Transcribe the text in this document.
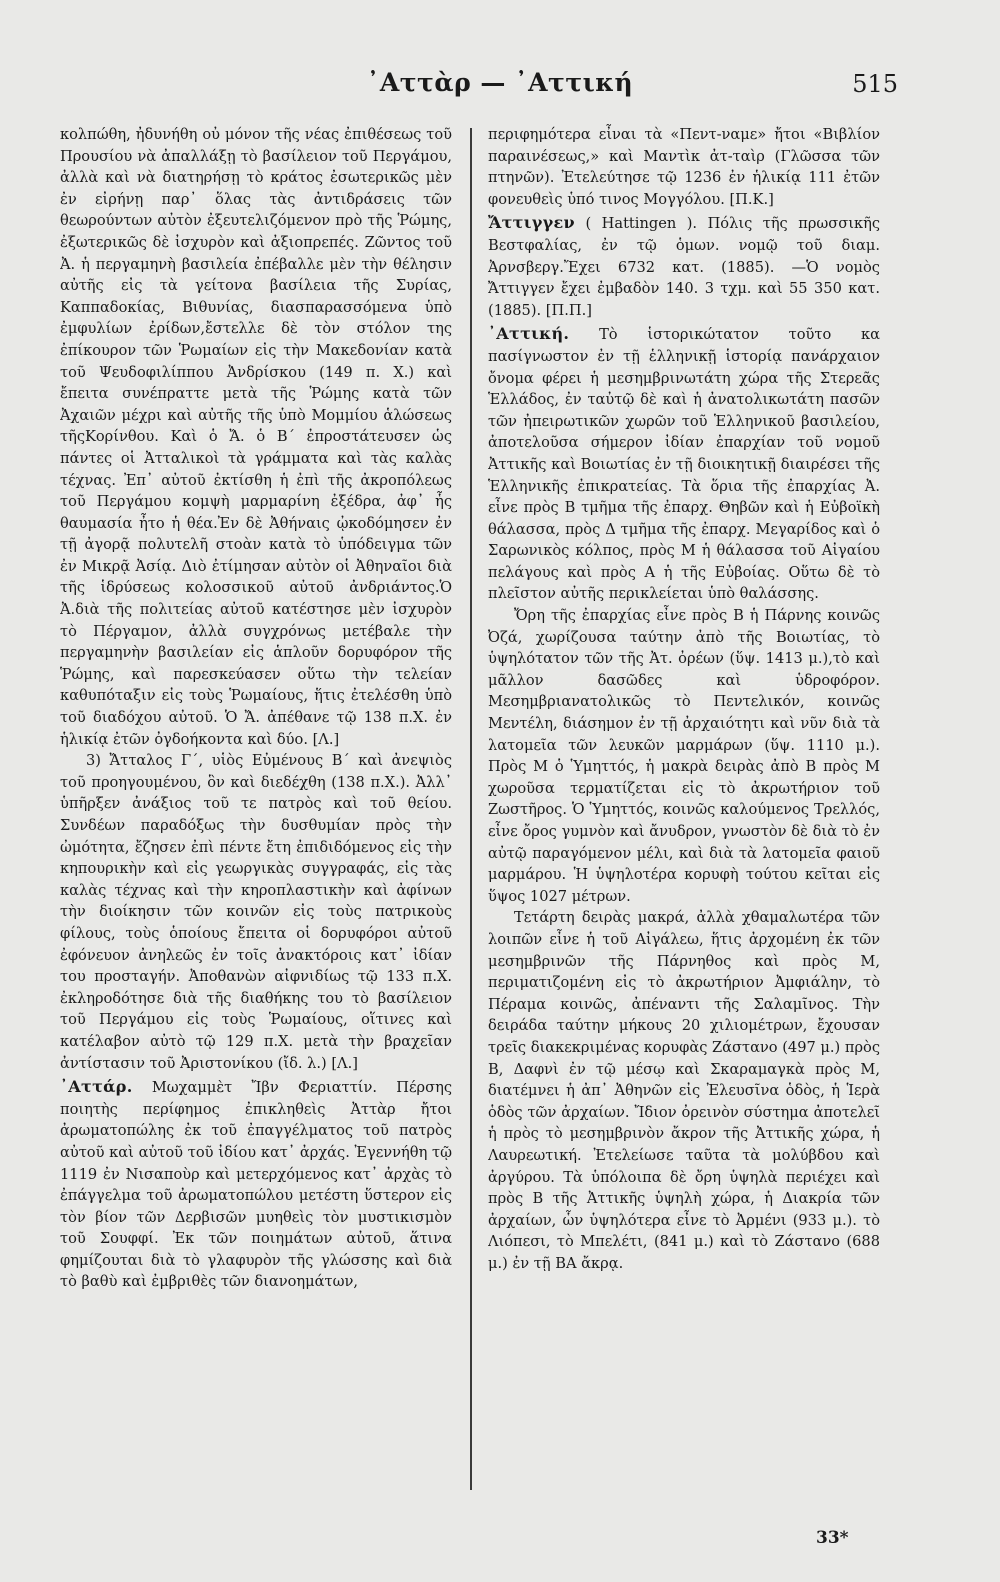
᾿Αττὰρ — ᾿Αττική	515

κολπώθη, ἠδυνήθη οὐ μόνον τῆς νέας ἐπιθέσεως τοῦ Προυσίου νὰ ἀπαλλάξῃ τὸ βασίλειον τοῦ Περγάμου, ἀλλὰ καὶ νὰ διατηρήσῃ τὸ κράτος ἐσωτερικῶς μὲν ἐν εἰρήνῃ παρ᾿ ὅλας τὰς ἀντιδράσεις τῶν θεωρούντων αὐτὸν ἐξευτελιζόμενον πρὸ τῆς Ῥώμης, ἐξωτερικῶς δὲ ἰσχυρὸν καὶ ἀξιοπρεπές. Ζῶντος τοῦ Ἀ. ἡ περγαμηνὴ βασιλεία ἐπέβαλλε μὲν τὴν θέλησιν αὐτῆς εἰς τὰ γείτονα βασίλεια τῆς Συρίας, Καππαδοκίας, Βιθυνίας, διασπαρασσόμενα ὑπὸ ἐμφυλίων ἐρίδων,ἔστελλε δὲ τὸν στόλον της ἐπίκουρον τῶν Ῥωμαίων εἰς τὴν Μακεδονίαν κατὰ τοῦ Ψευδοφιλίππου Ἀνδρίσκου (149 π. Χ.) καὶ ἔπειτα συνέπραττε μετὰ τῆς Ῥώμης κατὰ τῶν Ἀχαιῶν μέχρι καὶ αὐτῆς τῆς ὑπὸ Μομμίου ἁλώσεως τῆςΚορίνθου. Καὶ ὁ Ἄ. ὁ Β΄ ἐπροστάτευσεν ὡς πάντες οἱ Ἀτταλικοὶ τὰ γράμματα καὶ τὰς καλὰς τέχνας. Ἐπ᾿ αὐτοῦ ἐκτίσθη ἡ ἐπὶ τῆς ἀκροπόλεως τοῦ Περγάμου κομψὴ μαρμαρίνη ἐξέδρα, ἀφ᾿ ἧς θαυμασία ἦτο ἡ θέα.Ἐν δὲ Ἀθήναις ᾠκοδόμησεν ἐν τῇ ἀγορᾷ πολυτελῆ στοὰν κατὰ τὸ ὑπόδειγμα τῶν ἐν Μικρᾷ Ἀσίᾳ. Διὸ ἐτίμησαν αὐτὸν οἱ Ἀθηναῖοι διὰ τῆς ἱδρύσεως κολοσσικοῦ αὐτοῦ ἀνδριάντος.Ὁ Ἀ.διὰ τῆς πολιτείας αὐτοῦ κατέστησε μὲν ἰσχυρὸν τὸ Πέργαμον, ἀλλὰ συγχρόνως μετέβαλε τὴν περγαμηνὴν βασιλείαν εἰς ἁπλοῦν δορυφόρον τῆς Ῥώμης, καὶ παρεσκεύασεν οὕτω τὴν τελείαν καθυπόταξιν εἰς τοὺς Ῥωμαίους, ἥτις ἐτελέσθη ὑπὸ τοῦ διαδόχου αὐτοῦ. Ὁ Ἄ. ἀπέθανε τῷ 138 π.Χ. ἐν ἡλικίᾳ ἐτῶν ὀγδοήκοντα καὶ δύο. [Λ.]

3) Ἄτταλος Γ΄, υἱὸς Εὐμένους Β΄ καὶ ἀνεψιὸς τοῦ προηγουμένου, ὃν καὶ διεδέχθη (138 π.Χ.). Ἀλλ᾿ ὑπῆρξεν ἀνάξιος τοῦ τε πατρὸς καὶ τοῦ θείου. Συνδέων παραδόξως τὴν δυσθυμίαν πρὸς τὴν ὠμότητα, ἔζησεν ἐπὶ πέντε ἔτη ἐπιδιδόμενος εἰς τὴν κηπουρικὴν καὶ εἰς γεωργικὰς συγγραφάς, εἰς τὰς καλὰς τέχνας καὶ τὴν κηροπλαστικὴν καὶ ἀφίνων τὴν διοίκησιν τῶν κοινῶν εἰς τοὺς πατρικοὺς φίλους, τοὺς ὁποίους ἔπειτα οἱ δορυφόροι αὐτοῦ ἐφόνευον ἀνηλεῶς ἐν τοῖς ἀνακτόροις κατ᾿ ἰδίαν του προσταγήν. Ἀποθανὼν αἰφνιδίως τῷ 133 π.Χ. ἐκληροδότησε διὰ τῆς διαθήκης του τὸ βασίλειον τοῦ Περγάμου εἰς τοὺς Ῥωμαίους, οἵτινες καὶ κατέλαβον αὐτὸ τῷ 129 π.Χ. μετὰ τὴν βραχεῖαν ἀντίστασιν τοῦ Ἀριστονίκου (ἴδ. λ.) [Λ.]

᾿Αττάρ. Μωχαμμὲτ Ἴβν Φεριαττίν. Πέρσης ποιητὴς περίφημος ἐπικληθεὶς Ἀττὰρ ἤτοι ἀρωματοπώλης ἐκ τοῦ ἐπαγγέλματος τοῦ πατρὸς αὐτοῦ καὶ αὐτοῦ τοῦ ἰδίου κατ᾿ ἀρχάς. Ἐγεννήθη τῷ 1119 ἐν Νισαποὺρ καὶ μετερχόμενος κατ᾿ ἀρχὰς τὸ ἐπάγγελμα τοῦ ἀρωματοπώλου μετέστη ὕστερον εἰς τὸν βίον τῶν Δερβισῶν μυηθεὶς τὸν μυστικισμὸν τοῦ Σουφφί. Ἐκ τῶν ποιημάτων αὐτοῦ, ἅτινα φημίζουται διὰ τὸ γλαφυρὸν τῆς γλώσσης καὶ διὰ τὸ βαθὺ καὶ ἐμβριθὲς τῶν διανοημάτων,

περιφημότερα εἶναι τὰ «Πεντ-ναμε» ἤτοι «Βιβλίον παραινέσεως,» καὶ Μαντὶκ ἀτ-ταὶρ (Γλῶσσα τῶν πτηνῶν). Ἐτελεύτησε τῷ 1236 ἐν ἡλικίᾳ 111 ἐτῶν φονευθεὶς ὑπό τινος Μογγόλου. [Π.Κ.]

Ἄττιγγεν ( Hattingen ). Πόλις τῆς πρωσσικῆς Βεστφαλίας, ἐν τῷ ὁμων. νομῷ τοῦ διαμ. Ἀρνσβεργ.Ἔχει 6732 κατ. (1885). —Ὁ νομὸς Ἄττιγγεν ἔχει ἐμβαδὸν 140. 3 τχμ. καὶ 55 350 κατ. (1885). [Π.Π.]

᾿Αττική. Τὸ ἱστορικώτατον τοῦτο κα πασίγνωστον ἐν τῇ ἑλληνικῇ ἱστορίᾳ πανάρχαιον ὄνομα φέρει ἡ μεσημβρινωτάτη χώρα τῆς Στερεᾶς Ἑλλάδος, ἐν ταὐτῷ δὲ καὶ ἡ ἀνατολικωτάτη πασῶν τῶν ἠπειρωτικῶν χωρῶν τοῦ Ἑλληνικοῦ βασιλείου, ἀποτελοῦσα σήμερον ἰδίαν ἐπαρχίαν τοῦ νομοῦ Ἀττικῆς καὶ Βοιωτίας ἐν τῇ διοικητικῇ διαιρέσει τῆς Ἑλληνικῆς ἐπικρατείας. Τὰ ὅρια τῆς ἐπαρχίας Ἀ. εἶνε πρὸς Β τμῆμα τῆς ἐπαρχ. Θηβῶν καὶ ἡ Εὐβοϊκὴ θάλασσα, πρὸς Δ τμῆμα τῆς ἐπαρχ. Μεγαρίδος καὶ ὁ Σαρωνικὸς κόλπος, πρὸς Μ ἡ θάλασσα τοῦ Αἰγαίου πελάγους καὶ πρὸς Α ἡ τῆς Εὐβοίας. Οὕτω δὲ τὸ πλεῖστον αὐτῆς περικλείεται ὑπὸ θαλάσσης.

Ὄρη τῆς ἐπαρχίας εἶνε πρὸς Β ἡ Πάρνης κοινῶς Ὀζά, χωρίζουσα ταύτην ἀπὸ τῆς Βοιωτίας, τὸ ὑψηλότατον τῶν τῆς Ἀτ. ὀρέων (ὕψ. 1413 μ.),τὸ καὶ μᾶλλον δασῶδες καὶ ὑδροφόρον. Μεσημβριανατολικῶς τὸ Πεντελικόν, κοινῶς Μεντέλη, διάσημον ἐν τῇ ἀρχαιότητι καὶ νῦν διὰ τὰ λατομεῖα τῶν λευκῶν μαρμάρων (ὕψ. 1110 μ.). Πρὸς Μ ὁ Ὑμηττός, ἡ μακρὰ δειρὰς ἀπὸ Β πρὸς Μ χωροῦσα τερματίζεται εἰς τὸ ἀκρωτήριον τοῦ Ζωστῆρος. Ὁ Ὑμηττός, κοινῶς καλούμενος Τρελλός, εἶνε ὄρος γυμνὸν καὶ ἄνυδρον, γνωστὸν δὲ διὰ τὸ ἐν αὐτῷ παραγόμενον μέλι, καὶ διὰ τὰ λατομεῖα φαιοῦ μαρμάρου. Ἡ ὑψηλοτέρα κορυφὴ τούτου κεῖται εἰς ὕψος 1027 μέτρων.

Τετάρτη δειρὰς μακρά, ἀλλὰ χθαμαλωτέρα τῶν λοιπῶν εἶνε ἡ τοῦ Αἰγάλεω, ἥτις ἀρχομένη ἐκ τῶν μεσημβρινῶν τῆς Πάρνηθος καὶ πρὸς Μ, περιματιζομένη εἰς τὸ ἀκρωτήριον Ἀμφιάλην, τὸ Πέραμα κοινῶς, ἀπέναντι τῆς Σαλαμῖνος. Τὴν δειράδα ταύτην μήκους 20 χιλιομέτρων, ἔχουσαν τρεῖς διακεκριμένας κορυφὰς Ζάστανο (497 μ.) πρὸς Β, Δαφνὶ ἐν τῷ μέσῳ καὶ Σκαραμαγκὰ πρὸς Μ, διατέμνει ἡ ἀπ᾿ Ἀθηνῶν εἰς Ἐλευσῖνα ὁδὸς, ἡ Ἱερὰ ὁδὸς τῶν ἀρχαίων. Ἴδιον ὀρεινὸν σύστημα ἀποτελεῖ ἡ πρὸς τὸ μεσημβρινὸν ἄκρον τῆς Ἀττικῆς χώρα, ἡ Λαυρεωτική. Ἐτελείωσε ταῦτα τὰ μολύβδου καὶ ἀργύρου. Τὰ ὑπόλοιπα δὲ ὄρη ὑψηλὰ περιέχει καὶ πρὸς Β τῆς Ἀττικῆς ὑψηλὴ χώρα, ἡ Διακρία τῶν ἀρχαίων, ὧν ὑψηλότερα εἶνε τὸ Ἀρμένι (933 μ.). τὸ Λιόπεσι, τὸ Μπελέτι, (841 μ.) καὶ τὸ Ζάστανο (688 μ.) ἐν τῇ ΒΑ ἄκρᾳ.

33*
